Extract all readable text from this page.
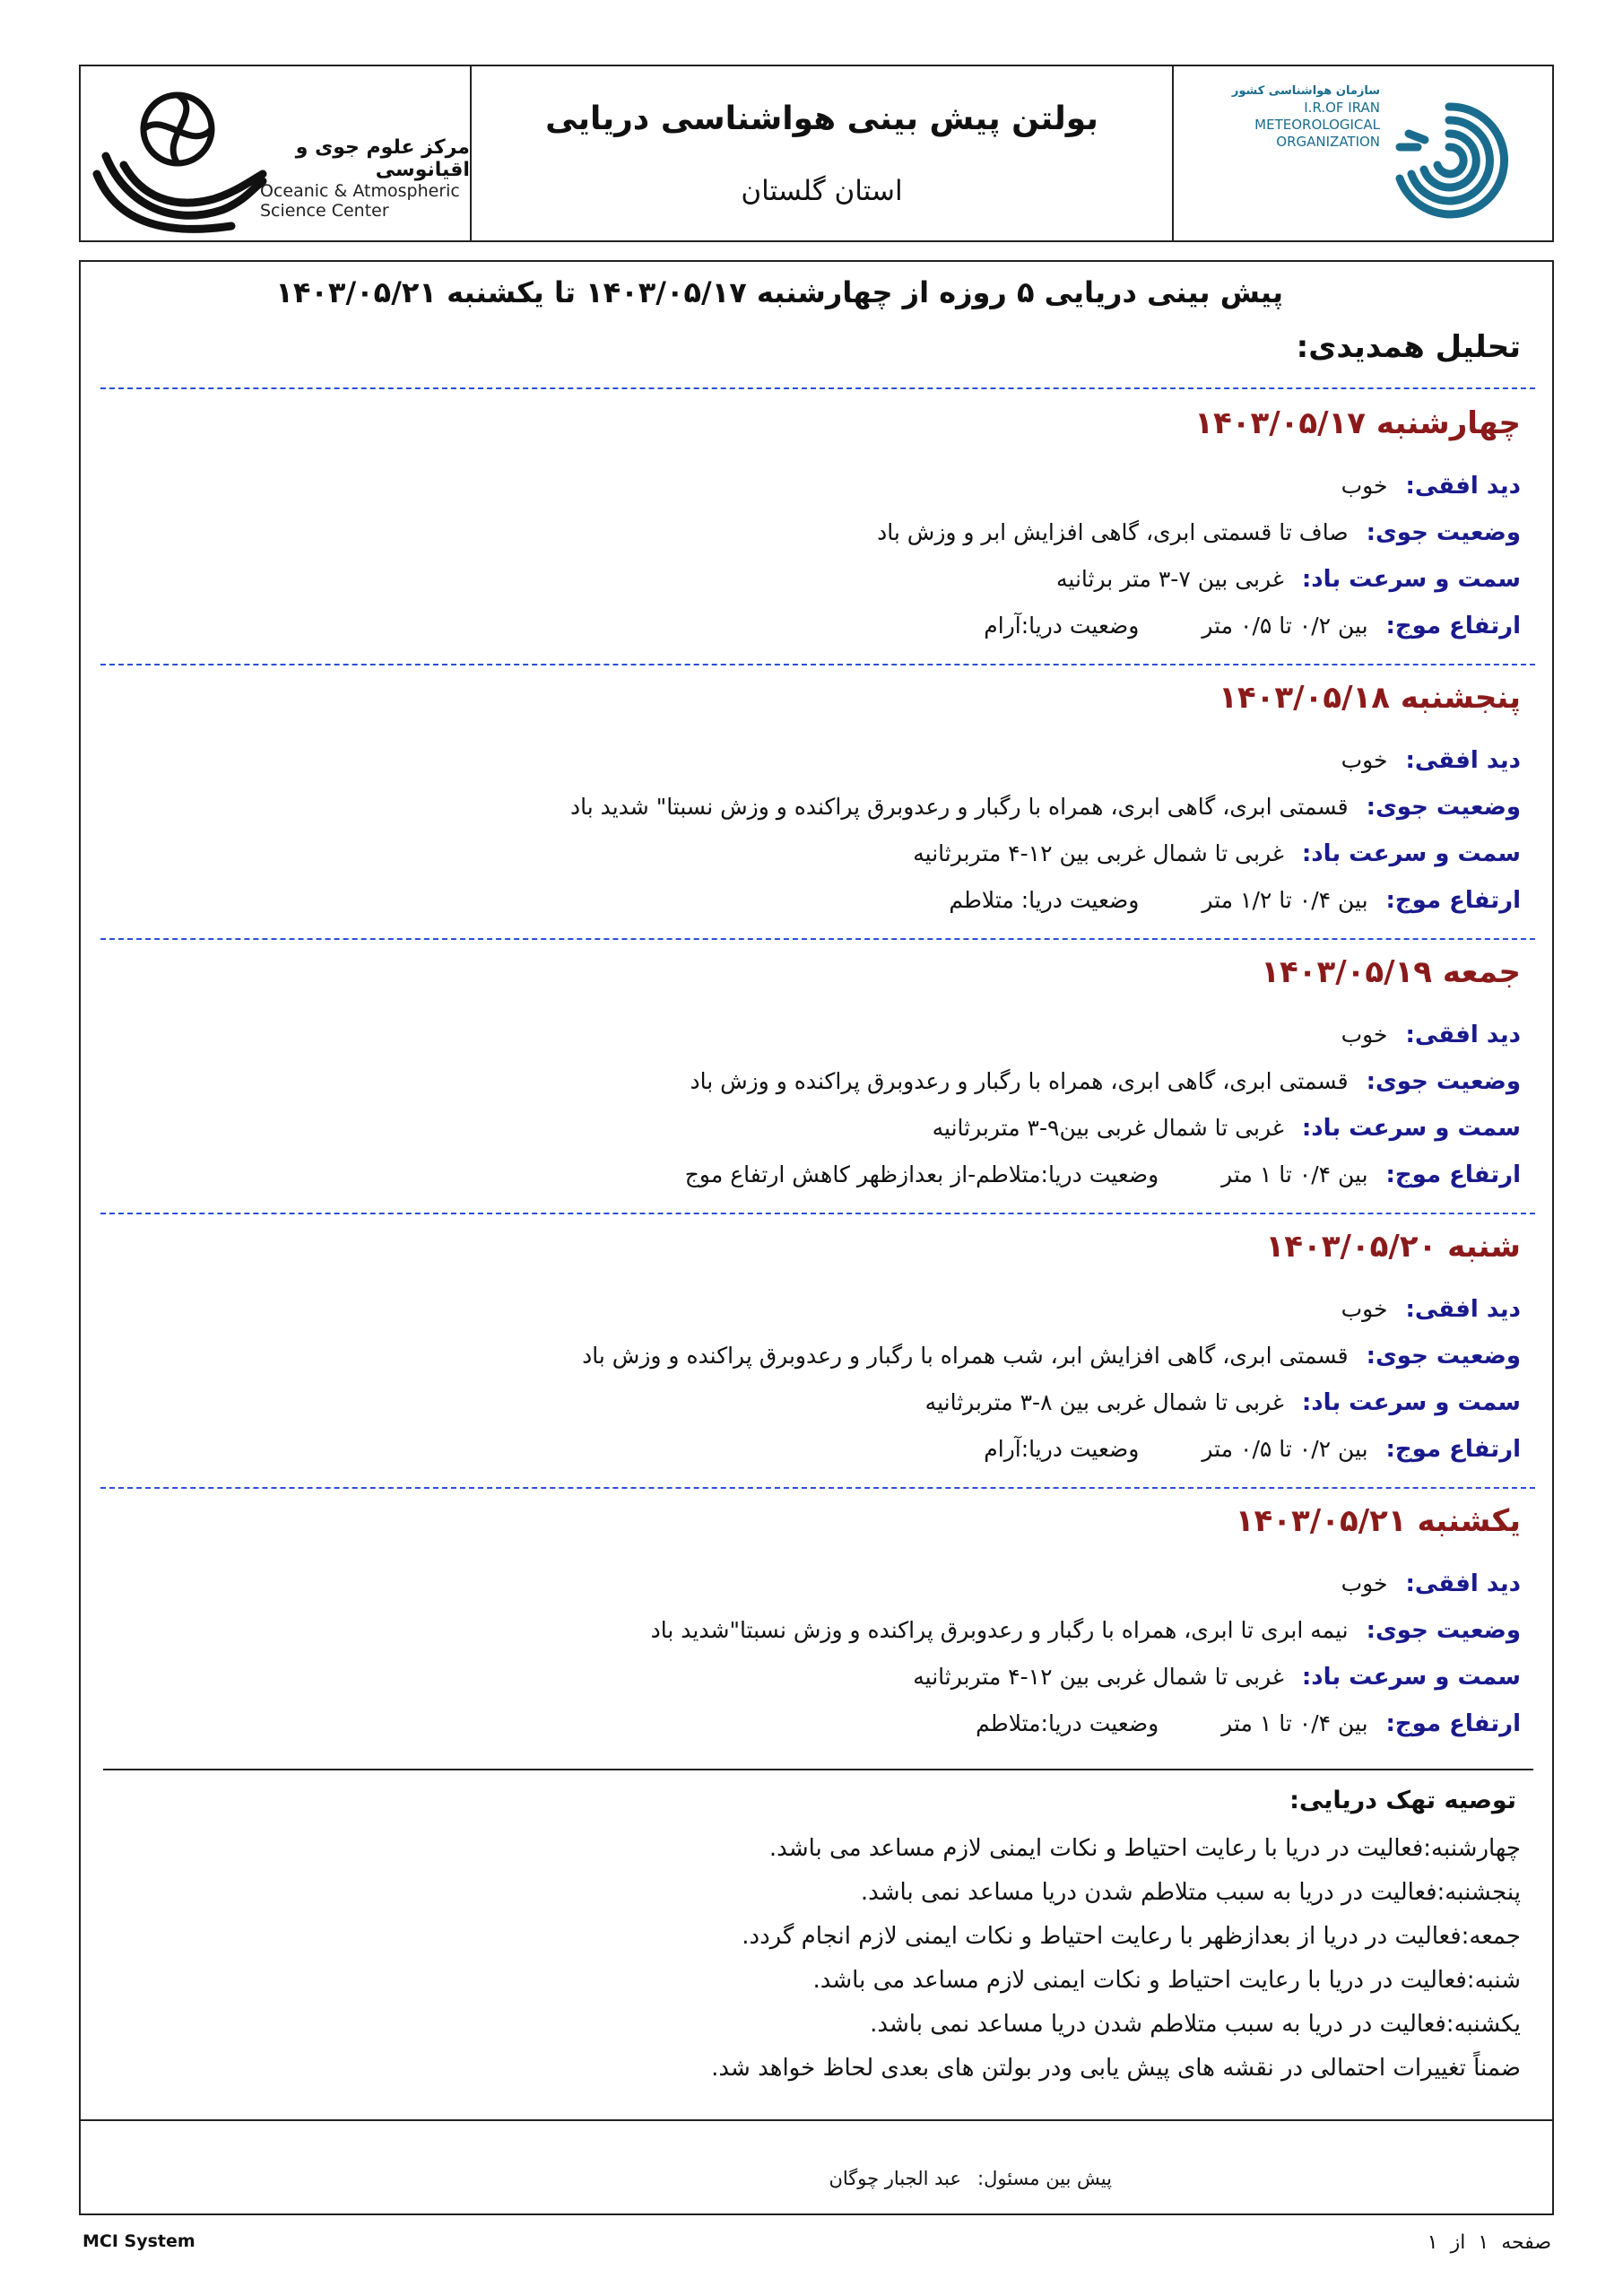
سازمان هواشناسی کشور
I.R.OF IRAN
METEOROLOGICAL
ORGANIZATION
بولتن پیش بینی هواشناسی دریایی
استان گلستان
مرکز علوم جوی و اقیانوسی
Oceanic & Atmospheric
Science Center
پیش بینی دریایی ۵ روزه از چهارشنبه ۱۴۰۳/۰۵/۱۷ تا یکشنبه ۱۴۰۳/۰۵/۲۱
تحلیل همدیدی:
چهارشنبه ۱۴۰۳/۰۵/۱۷
دید افقی:خوب
وضعیت جوی:صاف تا قسمتی ابری، گاهی افزایش ابر و وزش باد
سمت و سرعت باد:غربی بین ۷-۳ متر برثانیه
ارتفاع موج:بین ۰/۲ تا ۰/۵ متروضعیت دریا:آرام
پنجشنبه ۱۴۰۳/۰۵/۱۸
دید افقی:خوب
وضعیت جوی:قسمتی ابری، گاهی ابری، همراه با رگبار و رعدوبرق پراکنده و وزش نسبتا" شدید باد
سمت و سرعت باد:غربی تا شمال غربی بین ۱۲-۴ متربرثانیه
ارتفاع موج:بین ۰/۴ تا ۱/۲ متروضعیت دریا: متلاطم
جمعه ۱۴۰۳/۰۵/۱۹
دید افقی:خوب
وضعیت جوی:قسمتی ابری، گاهی ابری، همراه با رگبار و رعدوبرق پراکنده و وزش باد
سمت و سرعت باد:غربی تا شمال غربی بین۹-۳ متربرثانیه
ارتفاع موج:بین ۰/۴ تا ۱ متروضعیت دریا:متلاطم-از بعدازظهر کاهش ارتفاع موج
شنبه ۱۴۰۳/۰۵/۲۰
دید افقی:خوب
وضعیت جوی:قسمتی ابری، گاهی افزایش ابر، شب همراه با رگبار و رعدوبرق پراکنده و وزش باد
سمت و سرعت باد:غربی تا شمال غربی بین ۸-۳ متربرثانیه
ارتفاع موج:بین ۰/۲ تا ۰/۵ متروضعیت دریا:آرام
یکشنبه ۱۴۰۳/۰۵/۲۱
دید افقی:خوب
وضعیت جوی:نیمه ابری تا ابری، همراه با رگبار و رعدوبرق پراکنده و وزش نسبتا"شدید باد
سمت و سرعت باد:غربی تا شمال غربی بین ۱۲-۴ متربرثانیه
ارتفاع موج:بین ۰/۴ تا ۱ متروضعیت دریا:متلاطم
توصیه تهک دریایی:
چهارشنبه:فعالیت در دریا با رعایت احتیاط و نکات ایمنی لازم مساعد می باشد.
پنجشنبه:فعالیت در دریا به سبب متلاطم شدن دریا مساعد نمی باشد.
جمعه:فعالیت در دریا از بعدازظهر با رعایت احتیاط و نکات ایمنی لازم انجام گردد.
شنبه:فعالیت در دریا با رعایت احتیاط و نکات ایمنی لازم مساعد می باشد.
یکشنبه:فعالیت در دریا به سبب متلاطم شدن دریا مساعد نمی باشد.
ضمناً تغییرات احتمالی در نقشه های پیش یابی ودر بولتن های بعدی لحاظ خواهد شد.
پیش بین مسئول:عبد الجبار چوگان
MCI System	صفحه۱از۱
